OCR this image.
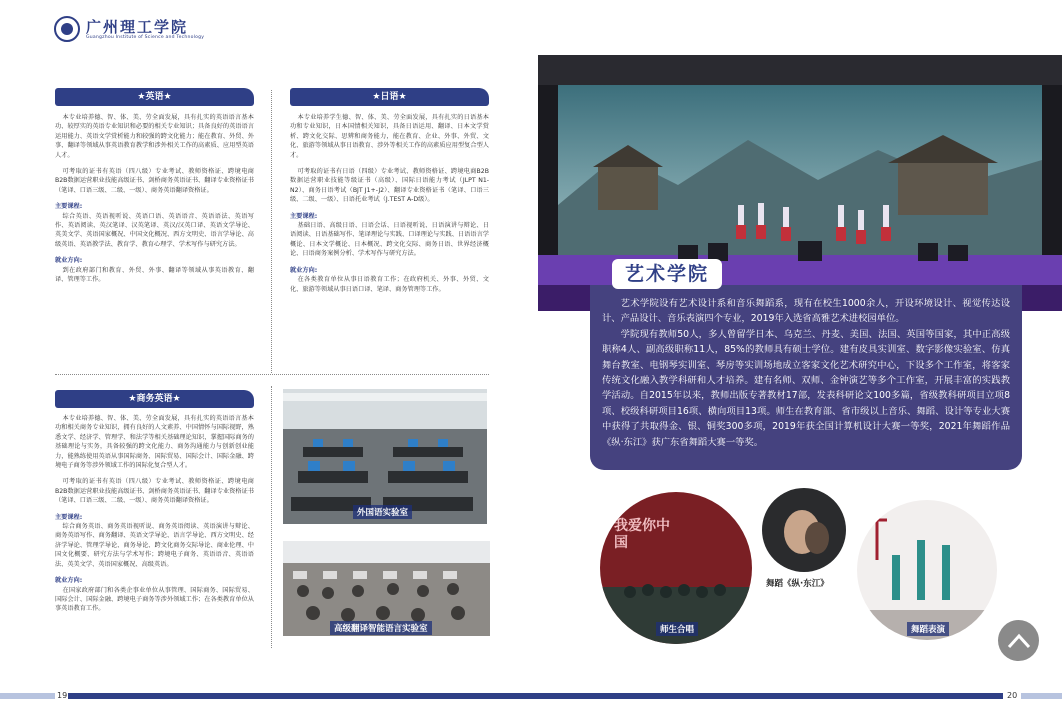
广州理工学院
Guangzhou Institute of Science and Technology
★英语★

本专业培养德、智、体、美、劳全面发展，具有扎实的英语语言基本功、较厚实的英语专业知识和必要的相关专业知识；具备良好的英语语言运用能力、英语文学赏析能力和较强的跨文化能力；能在教育、外贸、外事、翻译等领域从事英语教育教学和涉外相关工作的高素质、应用型英语人才。

可考取的证书有英语（四八级）专业考试、教师资格证、跨境电商B2B数据运营职业技能高级证书、剑桥商务英语证书、翻译专业资格证书（笔译、口语三级、二级、一级）、商务英语翻译资格证。

主要课程:

综合英语、英语视听说、英语口语、英语语音、英语语法、英语写作、英语阅读、英汉笔译、汉英笔译、英汉/汉英口译、英语文学导论、英美文学、英语国家概况、中国文化概况、西方文明史、语言学导论、高级英语、英语教学法、教育学、教育心理学、学术写作与研究方法。

就业方向:

到在政府部门和教育、外贸、外事、翻译等领域从事英语教育、翻译、管理等工作。

★日语★

本专业培养学生德、智、体、美、劳全面发展，具有扎实的日语基本功和专业知识，日本国情相关知识，具备日语运用、翻译、日本文学赏析、跨文化交际、思辨和商务能力，能在教育、企业、外事、外贸、文化、旅游等领域从事日语教育、涉外等相关工作的高素质应用型复合型人才。

可考取的证书有日语（四级）专业考试、教师资格证、跨境电商B2B数据运营职业技能等级证书（高级）、国际日语能力考试（JLPT N1-N2）、商务日语考试（BJT J1+-J2）、翻译专业资格证书（笔译、口语三级、二级、一级）、日语托业考试（J.TEST A-D级）。

主要课程:

基础日语、高级日语、日语会话、日语视听说、日语演讲与辩论、日语阅读、日语基础写作、笔译理论与实践、口译理论与实践、日语语言学概论、日本文学概论、日本概况、跨文化交际、商务日语、世界经济概论、日语商务案例分析、学术写作与研究方法。

就业方向:

在各类教育单位从事日语教育工作；在政府机关、外事、外贸、文化、旅游等领域从事日语口译、笔译、商务管理等工作。

★商务英语★

本专业培养德、智、体、美、劳全面发展，具有扎实的英语语言基本功和相关商务专业知识，拥有良好的人文素养、中国情怀与国际视野，熟悉文学、经济学、管理学、和法学等相关基础理论知识，掌握国际商务的基础理论与实务，具备较强的跨文化能力、商务沟通能力与创新创业能力，能熟练使用英语从事国际商务、国际贸易、国际会计、国际金融、跨境电子商务等涉外领域工作的国际化复合型人才。

可考取的证书有英语（四八级）专业考试、教师资格证、跨境电商B2B数据运营职业技能高级证书、剑桥商务英语证书、翻译专业资格证书（笔译、口语三级、二级、一级）、商务英语翻译资格证。

主要课程:

综合商务英语、商务英语视听说、商务英语阅读、英语演讲与辩论、商务英语写作、商务翻译、英语文学导论、语言学导论、西方文明史、经济学导论、管理学导论、商务导论、跨文化商务交际导论、商业伦理、中国文化概要、研究方法与学术写作；跨境电子商务、英语语音、英语语法、英美文学、英语国家概况、高级英语。

就业方向:

在国家政府部门和各类企事业单位从事管理、国际商务、国际贸易、国际会计、国际金融、跨境电子商务等涉外领域工作；在各类教育单位从事英语教育工作。

外国语实验室
高级翻译智能语言实验室

艺术学院设有艺术设计系和音乐舞蹈系，现有在校生1000余人，开设环境设计、视觉传达设计、产品设计、音乐表演四个专业，2019年入选省高雅艺术进校园单位。

学院现有教师50人，多人曾留学日本、乌克兰、丹麦、美国、法国、英国等国家，其中正高级职称4人、副高级职称11人，85%的教师具有硕士学位。建有皮具实训室、数字影像实验室、仿真舞台教室、电钢琴实训室、琴房等实训场地成立客家文化艺术研究中心，下设多个工作室，将客家传统文化融入教学科研和人才培养。建有名师、双师、金钟演艺等多个工作室，开展丰富的实践教学活动。自2015年以来，教师出版专著教材17部，发表科研论文100多篇，省级教科研项目立项8项、校级科研项目16项、横向项目13项。师生在教育部、省市级以上音乐、舞蹈、设计等专业大赛中获得了共取得金、银、铜奖300多项，2019年获全国计算机设计大赛一等奖，2021年舞蹈作品《纵·东江》获广东省舞蹈大赛一等奖。

艺术学院
我爱你中国
师生合唱
舞蹈《纵·东江》
舞蹈表演
19	20
